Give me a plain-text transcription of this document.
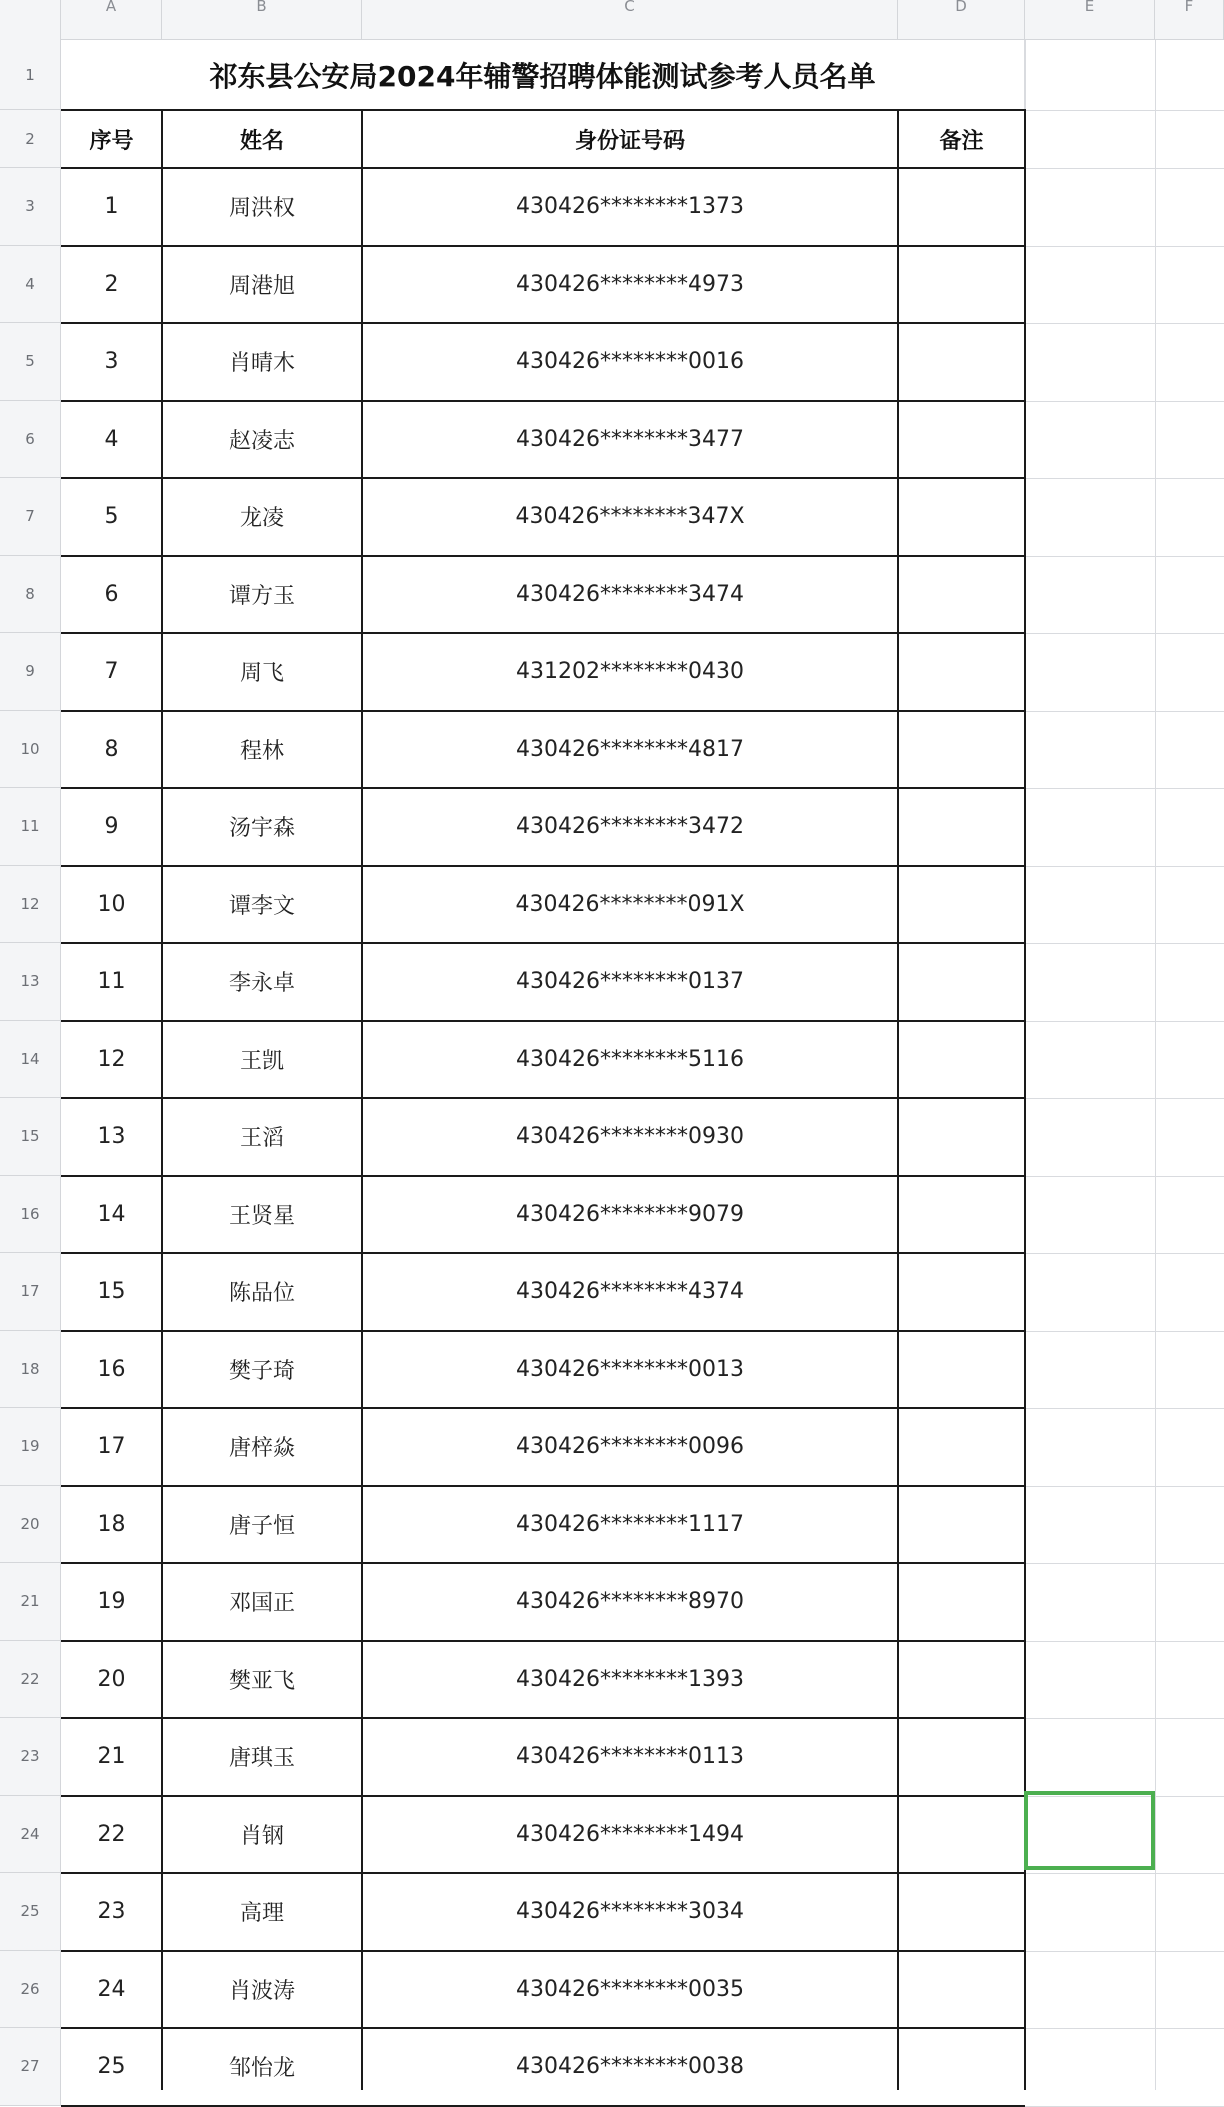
A	B	C	D	E	F
1
2
3
4
5
6
7
8
9
10
11
12
13
14
15
16
17
18
19
20
21
22
23
24
25
26
27
祁东县公安局2024年辅警招聘体能测试参考人员名单
序号	姓名	身份证号码	备注
1	周洪权	430426********1373
2	周港旭	430426********4973
3	肖晴木	430426********0016
4	赵凌志	430426********3477
5	龙凌	430426********347X
6	谭方玉	430426********3474
7	周飞	431202********0430
8	程林	430426********4817
9	汤宇森	430426********3472
10	谭李文	430426********091X
11	李永卓	430426********0137
12	王凯	430426********5116
13	王滔	430426********0930
14	王贤星	430426********9079
15	陈品位	430426********4374
16	樊子琦	430426********0013
17	唐梓焱	430426********0096
18	唐子恒	430426********1117
19	邓国正	430426********8970
20	樊亚飞	430426********1393
21	唐琪玉	430426********0113
22	肖钢	430426********1494
23	高理	430426********3034
24	肖波涛	430426********0035
25	邹怡龙	430426********0038
